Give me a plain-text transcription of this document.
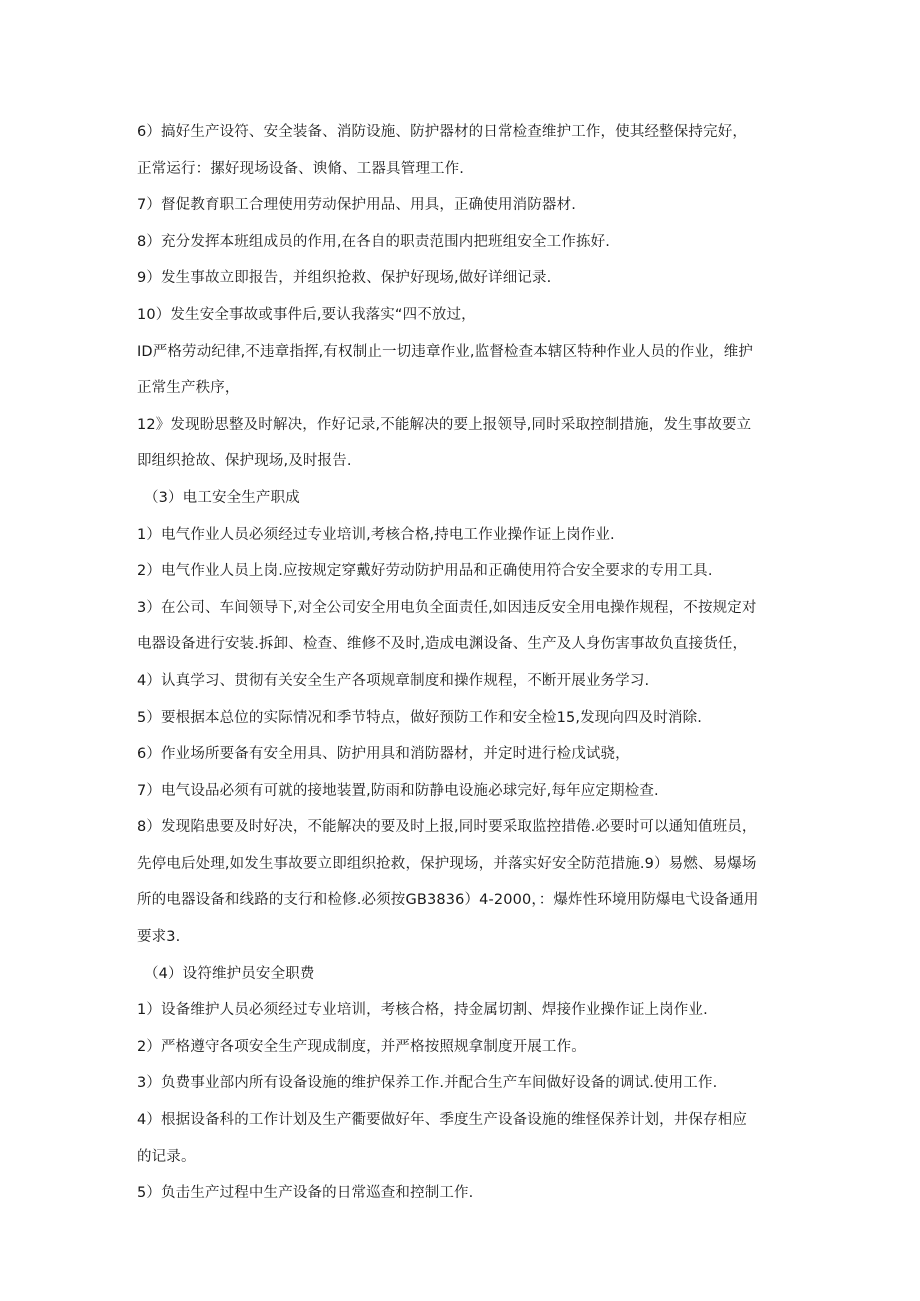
6）搞好生产设符、安全装备、消防设施、防护器材的日常检查维护工作，使其经整保持完好，
正常运行：摞好现场设备、谀脩、工器具管理工作.
7）督促教育职工合理使用劳动保护用品、用具，正确使用消防器材.
8）充分发挥本班组成员的作用,在各自的职责范围内把班组安全工作拣好.
9）发生事故立即报告，并组织抢救、保护好现场,做好详细记录.
10）发生安全事故或事件后,要认我落实“四不放过，
ID严格劳动纪律,不违章指挥,有权制止一切违章作业,监督检查本辖区特种作业人员的作业，维护
正常生产秩序，
12》发现盼思整及时解决，作好记录,不能解决的要上报领导,同时采取控制措施，发生事故要立
即组织抢故、保护现场,及时报告.
（3）电工安全生产职成
1）电气作业人员必须经过专业培训,考核合格,持电工作业操作证上岗作业.
2）电气作业人员上岗.应按规定穿戴好劳动防护用品和正确使用符合安全要求的专用工具.
3）在公司、车间领导下,对全公司安全用电负全面责任,如因违反安全用电操作规程，不按规定对
电器设备进行安装.拆卸、检查、维修不及时,造成电渊设备、生产及人身伤害事故负直接货任，
4）认真学习、贯彻有关安全生产各项规章制度和操作规程，不断开展业务学习.
5）要根据本总位的实际情况和季节特点，做好预防工作和安全检15,发现向四及时消除.
6）作业场所要备有安全用具、防护用具和消防器材，并定时进行检戊试骁，
7）电气设品必须有可就的接地装置,防雨和防静电设施必球完好,每年应定期检查.
8）发现陷患要及时好决，不能解决的要及时上报,同时要采取监控措倦.必要时可以通知值班员，
先停电后处理,如发生事故要立即组织抢救，保护现场，并落实好安全防范措施.9）易燃、易爆场
所的电器设备和线路的支行和检修.必须按GB3836）4-2000，：爆炸性环境用防爆电弋设备通用
要求3.
（4）设符维护员安全职费
1）设备维护人员必须经过专业培训，考核合格，持金属切割、焊接作业操作证上岗作业.
2）严格遵守各项安全生产现成制度，并严格按照规拿制度开展工作。
3）负费事业部内所有设备设施的维护保养工作.并配合生产车间做好设备的调试.使用工作.
4）根据设备科的工作计划及生产衢要做好年、季度生产设备设施的维怪保养计划，井保存相应
的记录。
5）负击生产过程中生产设备的日常巡查和控制工作.
